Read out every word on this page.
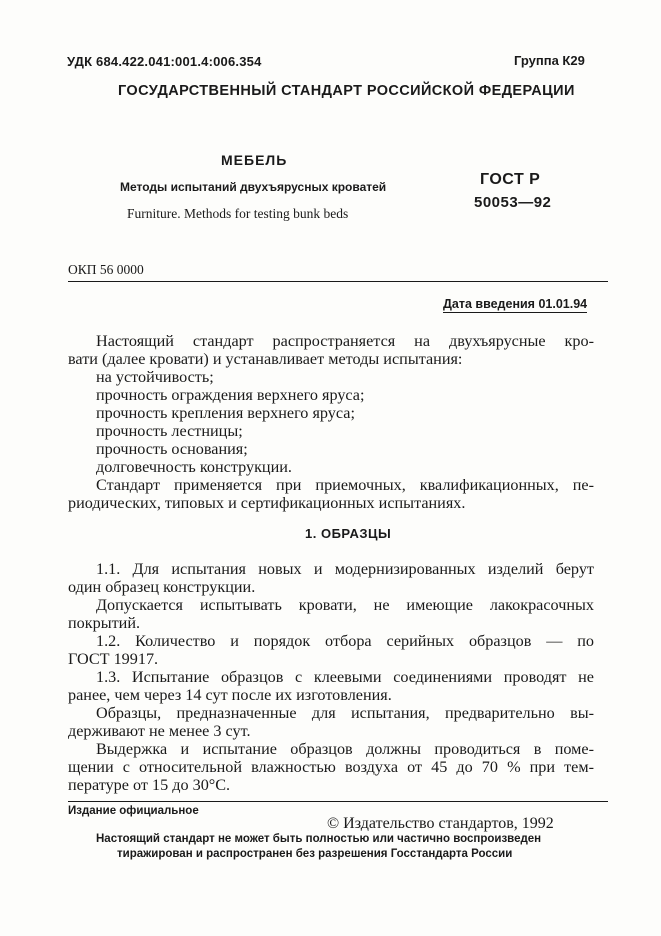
УДК 684.422.041:001.4:006.354	Группа К29
ГОСУДАРСТВЕННЫЙ СТАНДАРТ РОССИЙСКОЙ ФЕДЕРАЦИИ
МЕБЕЛЬ
Методы испытаний двухъярусных кроватей
Furniture. Methods for testing bunk beds
ГОСТ Р
50053—92
ОКП 56 0000
Дата введения 01.01.94
Настоящий стандарт распространяется на двухъярусные кро-
вати (далее кровати) и устанавливает методы испытания:
на устойчивость;
прочность ограждения верхнего яруса;
прочность крепления верхнего яруса;
прочность лестницы;
прочность основания;
долговечность конструкции.
Стандарт применяется при приемочных, квалификационных, пе-
риодических, типовых и сертификационных испытаниях.
1. ОБРАЗЦЫ
1.1. Для испытания новых и модернизированных изделий берут
один образец конструкции.
Допускается испытывать кровати, не имеющие лакокрасочных
покрытий.
1.2. Количество и порядок отбора серийных образцов — по
ГОСТ 19917.
1.3. Испытание образцов с клеевыми соединениями проводят не
ранее, чем через 14 сут после их изготовления.
Образцы, предназначенные для испытания, предварительно вы-
держивают не менее 3 сут.
Выдержка и испытание образцов должны проводиться в поме-
щении с относительной влажностью воздуха от 45 до 70 % при тем-
пературе от 15 до 30°С.
Издание официальное
© Издательство стандартов, 1992
Настоящий стандарт не может быть полностью или частично воспроизведен
тиражирован и распространен без разрешения Госстандарта России
